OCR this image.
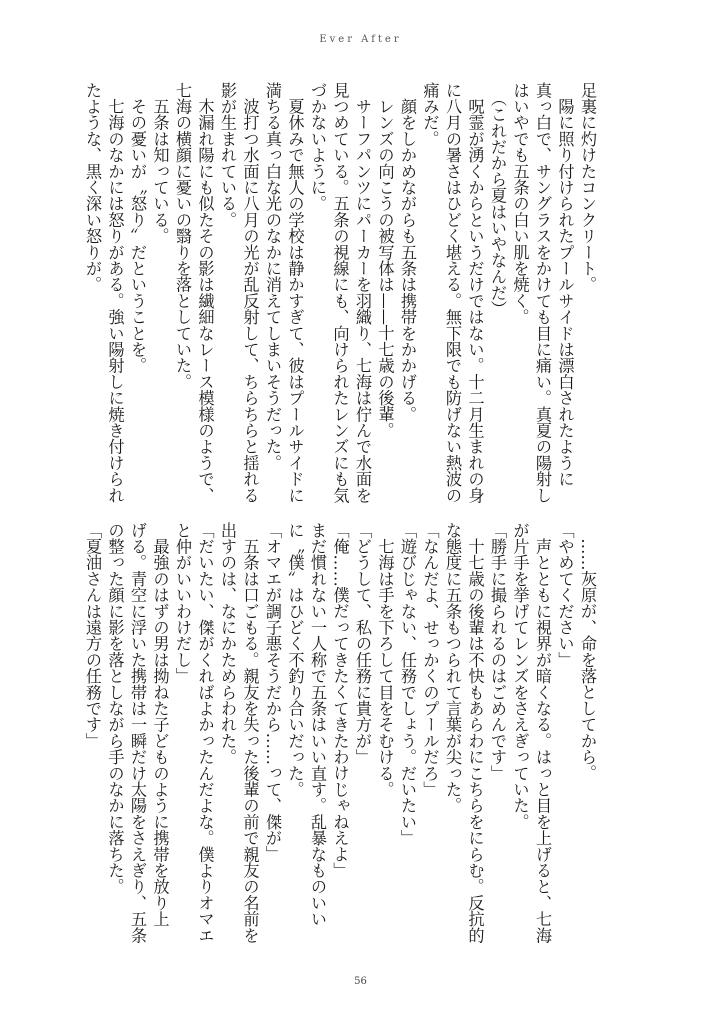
Ever After
足裏に灼けたコンクリート。
　陽に照り付けられたプールサイドは漂白されたように
真っ白で、サングラスをかけても目に痛い。真夏の陽射し
はいやでも五条の白い肌を焼く。
　（これだから夏はいやなんだ）
　呪霊が湧くからというだけではない。十二月生まれの身
に八月の暑さはひどく堪える。無下限でも防げない熱波の
痛みだ。
　顔をしかめながらも五条は携帯をかかげる。
　レンズの向こうの被写体は——十七歳の後輩。
　サーフパンツにパーカーを羽織り、七海は佇んで水面を
見つめている。五条の視線にも、向けられたレンズにも気
づかないように。
　夏休みで無人の学校は静かすぎて、彼はプールサイドに
満ちる真っ白な光のなかに消えてしまいそうだった。
　波打つ水面に八月の光が乱反射して、ちらちらと揺れる
影が生まれている。
　木漏れ陽にも似たその影は繊細なレース模様のようで、
七海の横顔に憂いの翳りを落としていた。
　五条は知っている。
　その憂いが〝怒り〟だということを。
　七海のなかには怒りがある。強い陽射しに焼き付けられ
たような、黒く深い怒りが。
　……灰原が、命を落としてから。
「やめてください」
　声とともに視界が暗くなる。はっと目を上げると、七海
が片手を挙げてレンズをさえぎっていた。
「勝手に撮られるのはごめんです」
　十七歳の後輩は不快もあらわにこちらをにらむ。反抗的
な態度に五条もつられて言葉が尖った。
「なんだよ、せっかくのプールだろ」
「遊びじゃない、任務でしょう。だいたい」
　七海は手を下ろして目をそむける。
「どうして、私の任務に貴方が」
「俺……僕だってきたくてきたわけじゃねえよ」
まだ慣れない一人称で五条はいい直す。乱暴なものいい
に〝僕〟はひどく不釣り合いだった。
「オマエが調子悪そうだから……って、傑が」
　五条は口ごもる。親友を失った後輩の前で親友の名前を
出すのは、なにかためらわれた。
「だいたい、傑がくればよかったんだよな。僕よりオマエ
と仲がいいわけだし」
　最強のはずの男は拗ねた子どものように携帯を放り上
げる。青空に浮いた携帯は一瞬だけ太陽をさえぎり、五条
の整った顔に影を落としながら手のなかに落ちた。
「夏油さんは遠方の任務です」
56
